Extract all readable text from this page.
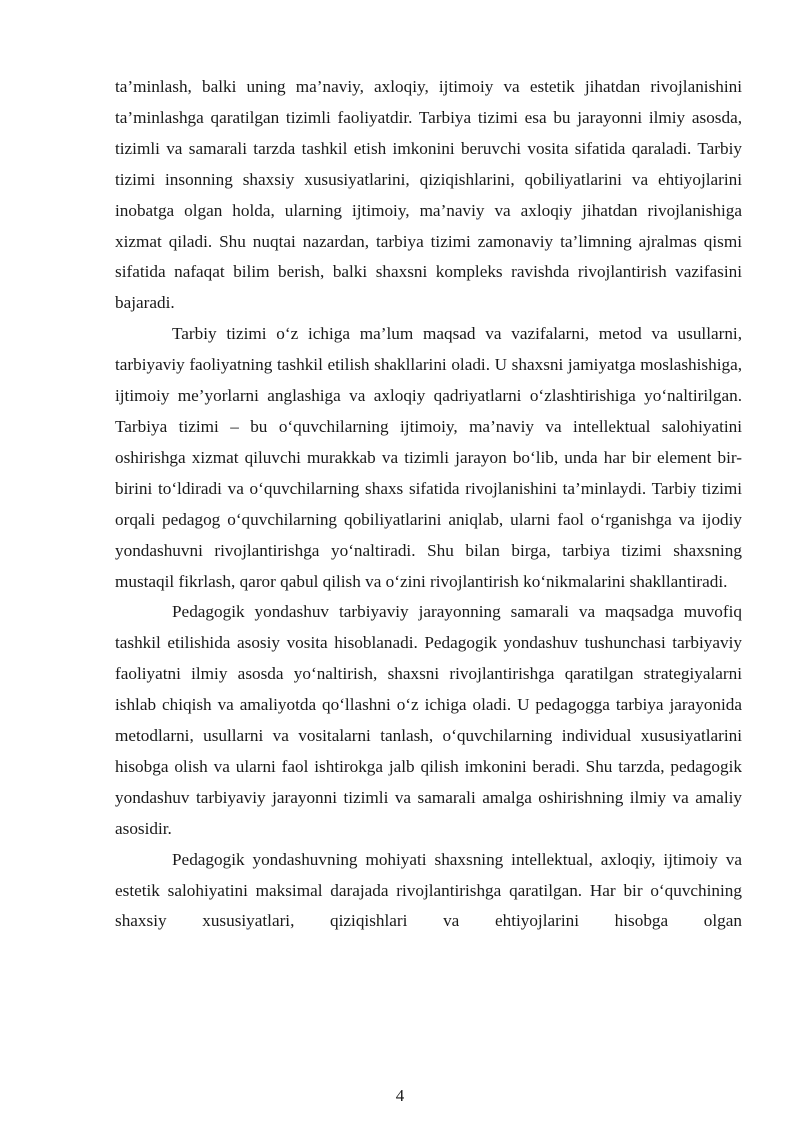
ta’minlash, balki uning ma’naviy, axloqiy, ijtimoiy va estetik jihatdan rivojlanishini ta’minlashga qaratilgan tizimli faoliyatdir. Tarbiya tizimi esa bu jarayonni ilmiy asosda, tizimli va samarali tarzda tashkil etish imkonini beruvchi vosita sifatida qaraladi. Tarbiy tizimi insonning shaxsiy xususiyatlarini, qiziqishlarini, qobiliyatlarini va ehtiyojlarini inobatga olgan holda, ularning ijtimoiy, ma’naviy va axloqiy jihatdan rivojlanishiga xizmat qiladi. Shu nuqtai nazardan, tarbiya tizimi zamonaviy ta’limning ajralmas qismi sifatida nafaqat bilim berish, balki shaxsni kompleks ravishda rivojlantirish vazifasini bajaradi.

Tarbiy tizimi o‘z ichiga ma’lum maqsad va vazifalarni, metod va usullarni, tarbiyaviy faoliyatning tashkil etilish shakllarini oladi. U shaxsni jamiyatga moslashishiga, ijtimoiy me’yorlarni anglashiga va axloqiy qadriyatlarni o‘zlashtirishiga yo‘naltirilgan. Tarbiya tizimi – bu o‘quvchilarning ijtimoiy, ma’naviy va intellektual salohiyatini oshirishga xizmat qiluvchi murakkab va tizimli jarayon bo‘lib, unda har bir element bir-birini to‘ldiradi va o‘quvchilarning shaxs sifatida rivojlanishini ta’minlaydi. Tarbiy tizimi orqali pedagog o‘quvchilarning qobiliyatlarini aniqlab, ularni faol o‘rganishga va ijodiy yondashuvni rivojlantirishga yo‘naltiradi. Shu bilan birga, tarbiya tizimi shaxsning mustaqil fikrlash, qaror qabul qilish va o‘zini rivojlantirish ko‘nikmalarini shakllantiradi.

Pedagogik yondashuv tarbiyaviy jarayonning samarali va maqsadga muvofiq tashkil etilishida asosiy vosita hisoblanadi. Pedagogik yondashuv tushunchasi tarbiyaviy faoliyatni ilmiy asosda yo‘naltirish, shaxsni rivojlantirishga qaratilgan strategiyalarni ishlab chiqish va amaliyotda qo‘llashni o‘z ichiga oladi. U pedagogga tarbiya jarayonida metodlarni, usullarni va vositalarni tanlash, o‘quvchilarning individual xususiyatlarini hisobga olish va ularni faol ishtirokga jalb qilish imkonini beradi. Shu tarzda, pedagogik yondashuv tarbiyaviy jarayonni tizimli va samarali amalga oshirishning ilmiy va amaliy asosidir.

Pedagogik yondashuvning mohiyati shaxsning intellektual, axloqiy, ijtimoiy va estetik salohiyatini maksimal darajada rivojlantirishga qaratilgan. Har bir o‘quvchining shaxsiy xususiyatlari, qiziqishlari va ehtiyojlarini hisobga olgan

4
